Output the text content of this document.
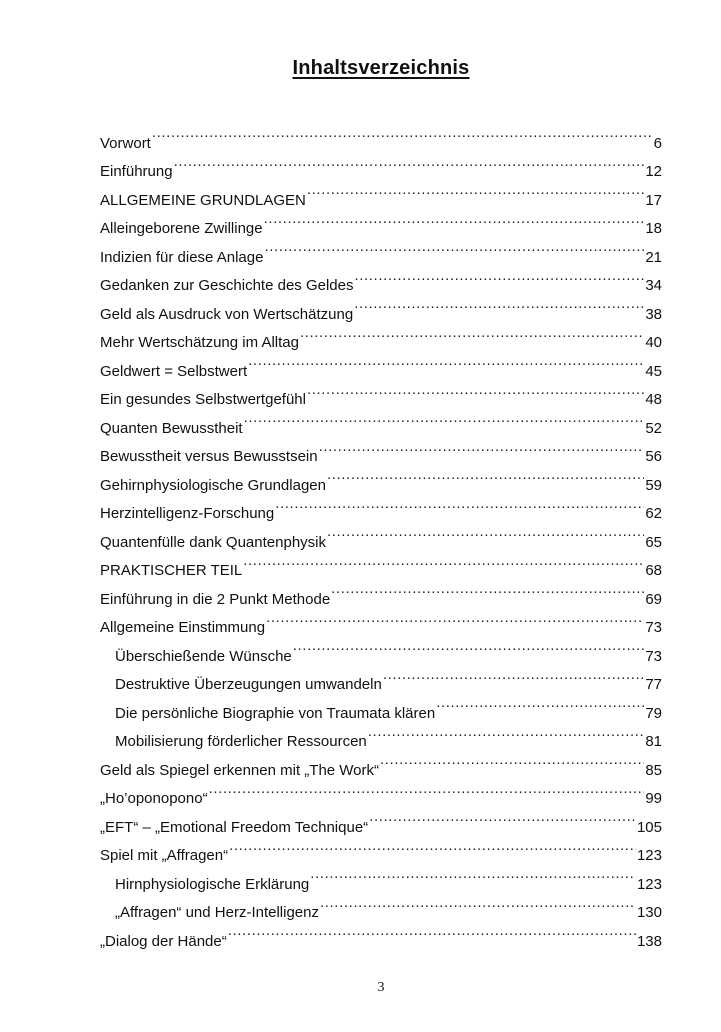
Inhaltsverzeichnis
Vorwort .....	6
Einführung .....	12
ALLGEMEINE GRUNDLAGEN .....	17
Alleingeborene Zwillinge .....	18
Indizien für diese Anlage .....	21
Gedanken zur Geschichte des Geldes .....	34
Geld als Ausdruck von Wertschätzung .....	38
Mehr Wertschätzung im Alltag .....	40
Geldwert = Selbstwert .....	45
Ein gesundes Selbstwertgefühl .....	48
Quanten Bewusstheit .....	52
Bewusstheit versus Bewusstsein .....	56
Gehirnphysiologische Grundlagen .....	59
Herzintelligenz-Forschung .....	62
Quantenfülle dank Quantenphysik .....	65
PRAKTISCHER TEIL .....	68
Einführung in die 2 Punkt Methode .....	69
Allgemeine Einstimmung .....	73
Überschießende Wünsche .....	73
Destruktive Überzeugungen umwandeln .....	77
Die persönliche Biographie von Traumata klären .....	79
Mobilisierung förderlicher Ressourcen .....	81
Geld als Spiegel erkennen mit „The Work“ .....	85
„Ho’oponopono“ .....	99
„EFT“ – „Emotional Freedom Technique“ .....	105
Spiel mit „Affragen“ .....	123
Hirnphysiologische Erklärung .....	123
„Affragen“ und Herz-Intelligenz .....	130
„Dialog der Hände“ .....	138
3
